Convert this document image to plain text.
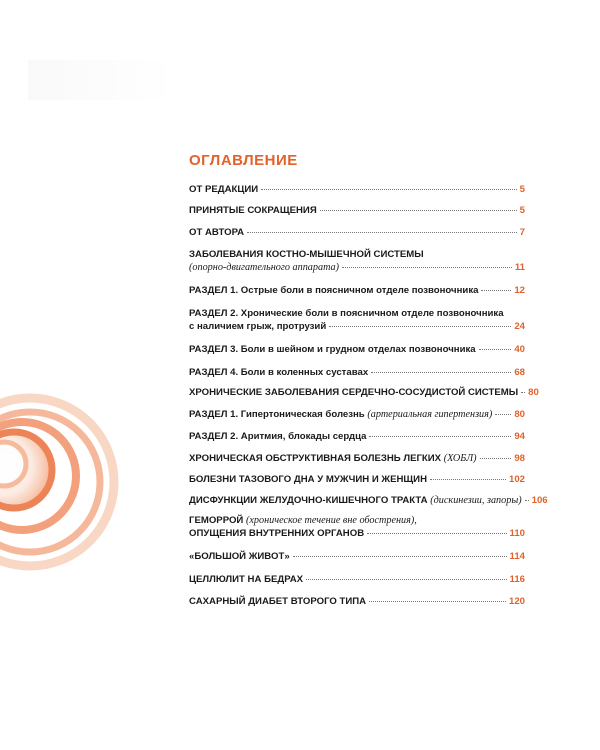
ОГЛАВЛЕНИЕ
ОТ РЕДАКЦИИ	5
ПРИНЯТЫЕ СОКРАЩЕНИЯ	5
ОТ АВТОРА	7
ЗАБОЛЕВАНИЯ КОСТНО-МЫШЕЧНОЙ СИСТЕМЫ
(опорно-двигательного аппарата)	11
РАЗДЕЛ 1. Острые боли в поясничном отделе позвоночника	12
РАЗДЕЛ 2. Хронические боли в поясничном отделе позвоночника
с наличием грыж, протрузий	24
РАЗДЕЛ 3. Боли в шейном и грудном отделах позвоночника	40
РАЗДЕЛ 4. Боли в коленных суставах	68
ХРОНИЧЕСКИЕ ЗАБОЛЕВАНИЯ СЕРДЕЧНО-СОСУДИСТОЙ СИСТЕМЫ 80
РАЗДЕЛ 1. Гипертоническая болезнь (артериальная гипертензия) 80
РАЗДЕЛ 2. Аритмия, блокады сердца	94
ХРОНИЧЕСКАЯ ОБСТРУКТИВНАЯ БОЛЕЗНЬ ЛЕГКИХ (ХОБЛ)	98
БОЛЕЗНИ ТАЗОВОГО ДНА У МУЖЧИН И ЖЕНЩИН	102
ДИСФУНКЦИИ ЖЕЛУДОЧНО-КИШЕЧНОГО ТРАКТА (дискинезии, запоры) 106
ГЕМОРРОЙ (хроническое течение вне обострения),
ОПУЩЕНИЯ ВНУТРЕННИХ ОРГАНОВ	110
«БОЛЬШОЙ ЖИВОТ»	114
ЦЕЛЛЮЛИТ НА БЕДРАХ	116
САХАРНЫЙ ДИАБЕТ ВТОРОГО ТИПА	120
